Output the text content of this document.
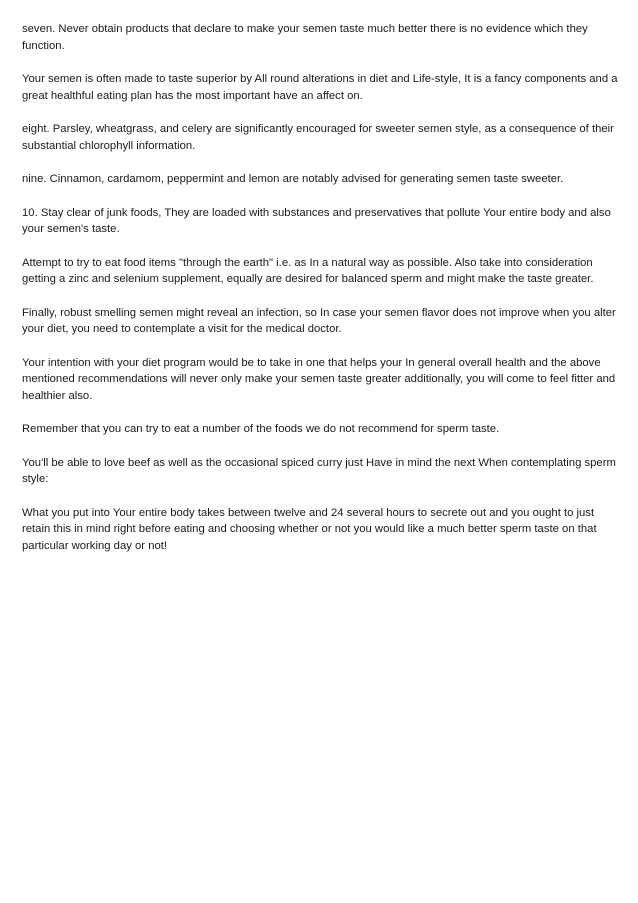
seven. Never obtain products that declare to make your semen taste much better there is no evidence which they function.

Your semen is often made to taste superior by All round alterations in diet and Life-style, It is a fancy components and a great healthful eating plan has the most important have an affect on.

eight. Parsley, wheatgrass, and celery are significantly encouraged for sweeter semen style, as a consequence of their substantial chlorophyll information.

nine. Cinnamon, cardamom, peppermint and lemon are notably advised for generating semen taste sweeter.

10. Stay clear of junk foods, They are loaded with substances and preservatives that pollute Your entire body and also your semen's taste.

Attempt to try to eat food items "through the earth" i.e. as In a natural way as possible. Also take into consideration getting a zinc and selenium supplement, equally are desired for balanced sperm and might make the taste greater.

Finally, robust smelling semen might reveal an infection, so In case your semen flavor does not improve when you alter your diet, you need to contemplate a visit for the medical doctor.

Your intention with your diet program would be to take in one that helps your In general overall health and the above mentioned recommendations will never only make your semen taste greater additionally, you will come to feel fitter and healthier also.

Remember that you can try to eat a number of the foods we do not recommend for sperm taste.

You'll be able to love beef as well as the occasional spiced curry just Have in mind the next When contemplating sperm style:

What you put into Your entire body takes between twelve and 24 several hours to secrete out and you ought to just retain this in mind right before eating and choosing whether or not you would like a much better sperm taste on that particular working day or not!
